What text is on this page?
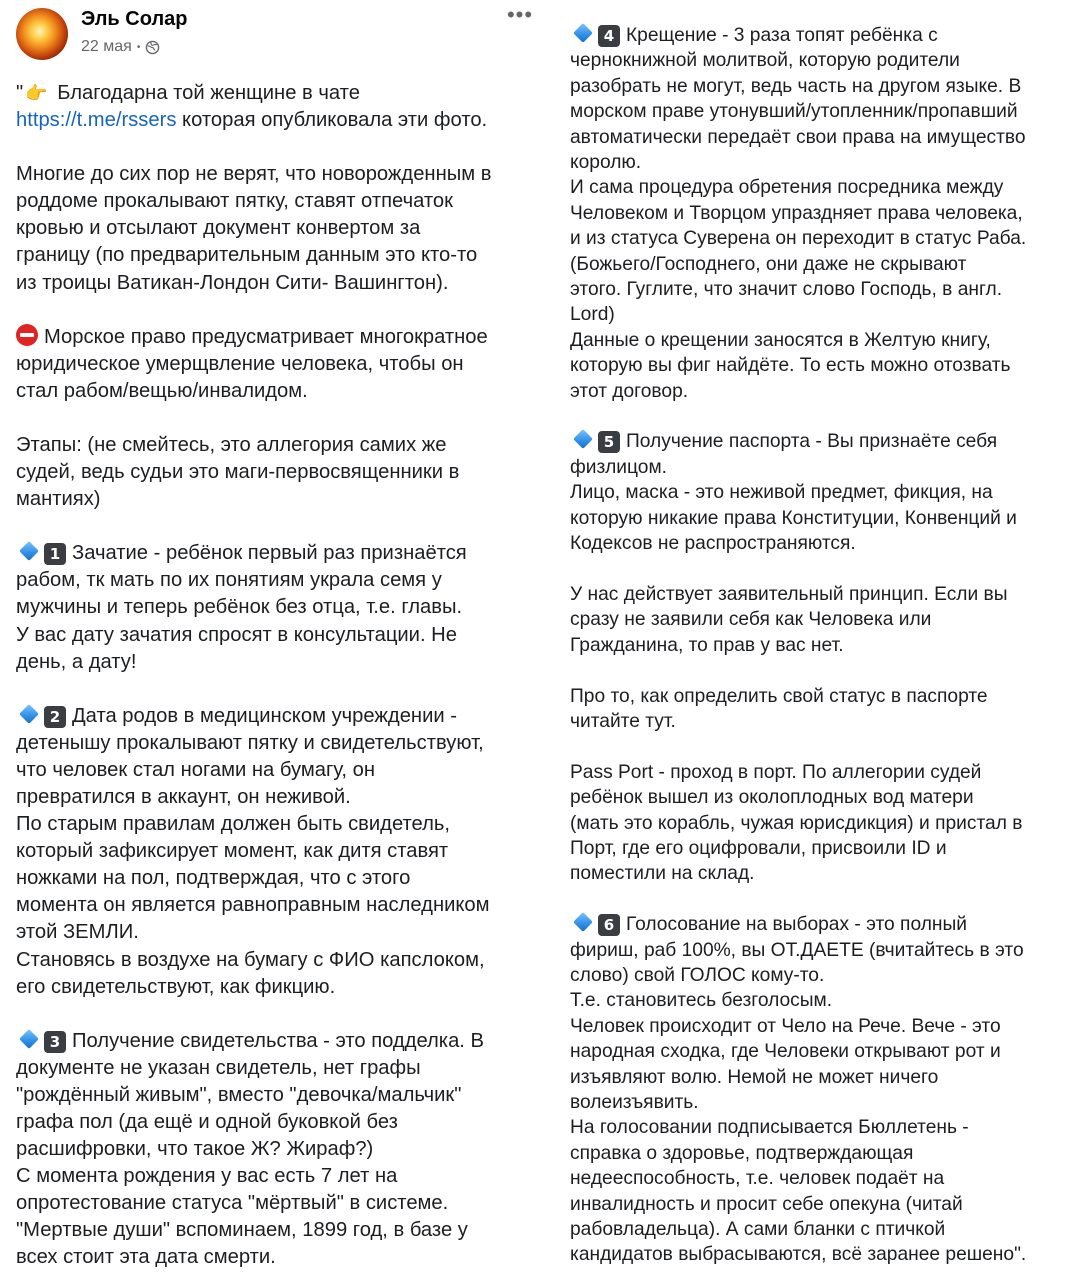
Эль Солар
22 мая •
•••
" 👉 Благодарна той женщине в чате
https://t.me/rssers которая опубликовала эти фото.
Многие до сих пор не верят, что новорожденным в
роддоме прокалывают пятку, ставят отпечаток
кровью и отсылают документ конвертом за
границу (по предварительным данным это кто-то
из троицы Ватикан-Лондон Сити- Вашингтон).
Морское право предусматривает многократное
юридическое умерщвление человека, чтобы он
стал рабом/вещью/инвалидом.
Этапы: (не смейтесь, это аллегория самих же
судей, ведь судьи это маги-первосвященники в
мантиях)
1 Зачатие - ребёнок первый раз признаётся
рабом, тк мать по их понятиям украла семя у
мужчины и теперь ребёнок без отца, т.е. главы.
У вас дату зачатия спросят в консультации. Не
день, а дату!
2 Дата родов в медицинском учреждении -
детенышу прокалывают пятку и свидетельствуют,
что человек стал ногами на бумагу, он
превратился в аккаунт, он неживой.
По старым правилам должен быть свидетель,
который зафиксирует момент, как дитя ставят
ножками на пол, подтверждая, что с этого
момента он является равноправным наследником
этой ЗЕМЛИ.
Становясь в воздухе на бумагу с ФИО капслоком,
его свидетельствуют, как фикцию.
3 Получение свидетельства - это подделка. В
документе не указан свидетель, нет графы
"рождённый живым", вместо "девочка/мальчик"
графа пол (да ещё и одной буковкой без
расшифровки, что такое Ж? Жираф?)
С момента рождения у вас есть 7 лет на
опротестование статуса "мёртвый" в системе.
"Мертвые души" вспоминаем, 1899 год, в базе у
всех стоит эта дата смерти.
4 Крещение - 3 раза топят ребёнка с
чернокнижной молитвой, которую родители
разобрать не могут, ведь часть на другом языке. В
морском праве утонувший/утопленник/пропавший
автоматически передаёт свои права на имущество
королю.
И сама процедура обретения посредника между
Человеком и Творцом упраздняет права человека,
и из статуса Суверена он переходит в статус Раба.
(Божьего/Господнего, они даже не скрывают
этого. Гуглите, что значит слово Господь, в англ.
Lord)
Данные о крещении заносятся в Желтую книгу,
которую вы фиг найдёте. То есть можно отозвать
этот договор.
5 Получение паспорта - Вы признаёте себя
физлицом.
Лицо, маска - это неживой предмет, фикция, на
которую никакие права Конституции, Конвенций и
Кодексов не распространяются.
У нас действует заявительный принцип. Если вы
сразу не заявили себя как Человека или
Гражданина, то прав у вас нет.
Про то, как определить свой статус в паспорте
читайте тут.
Pass Port - проход в порт. По аллегории судей
ребёнок вышел из околоплодных вод матери
(мать это корабль, чужая юрисдикция) и пристал в
Порт, где его оцифровали, присвоили ID и
поместили на склад.
6 Голосование на выборах - это полный
фириш, раб 100%, вы ОТ.ДАЕТЕ (вчитайтесь в это
слово) свой ГОЛОС кому-то.
Т.е. становитесь безголосым.
Человек происходит от Чело на Рече. Вече - это
народная сходка, где Человеки открывают рот и
изъявляют волю. Немой не может ничего
волеизъявить.
На голосовании подписывается Бюллетень -
справка о здоровье, подтверждающая
недееспособность, т.е. человек подаёт на
инвалидность и просит себе опекуна (читай
рабовладельца). А сами бланки с птичкой
кандидатов выбрасываются, всё заранее решено".
